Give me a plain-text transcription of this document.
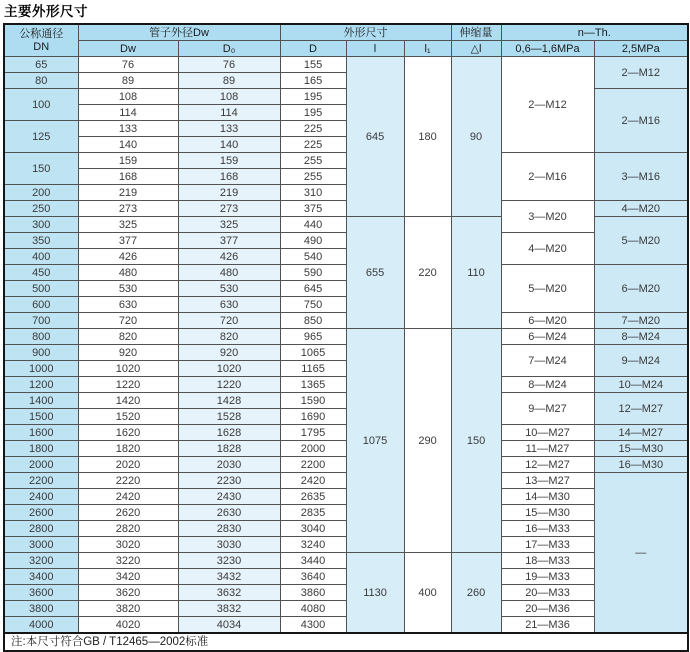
主要外形尺寸
公称通径
DN	管子外径Dw		外形尺寸			伸缩量	n—Th.	
	Dw	D₀	D	l	l₁	△l	0,6—1,6MPa	2,5MPa
65	76	76	155	645	180	90	2—M12	2—M12
80	89	89	165					
100	108	108	195					2—M16
	114	114	195					
125	133	133	225					
	140	140	225					
150	159	159	255				2—M16	3—M16
	168	168	255					
200	219	219	310					
250	273	273	375				3—M20	4—M20
300	325	325	440	655	220	110		5—M20
350	377	377	490				4—M20	
400	426	426	540					
450	480	480	590				5—M20	6—M20
500	530	530	645					
600	630	630	750					
700	720	720	850				6—M20	7—M20
800	820	820	965	1075	290	150	6—M24	8—M24
900	920	920	1065				7—M24	9—M24
1000	1020	1020	1165					
1200	1220	1220	1365				8—M24	10—M24
1400	1420	1428	1590				9—M27	12—M27
1500	1520	1528	1690					
1600	1620	1628	1795				10—M27	14—M27
1800	1820	1828	2000				11—M27	15—M30
2000	2020	2030	2200				12—M27	16—M30
2200	2220	2230	2420				13—M27	—
2400	2420	2430	2635				14—M30	
2600	2620	2630	2835				15—M30	
2800	2820	2830	3040				16—M33	
3000	3020	3030	3240				17—M33	
3200	3220	3230	3440	1130	400	260	18—M33	
3400	3420	3432	3640				19—M33	
3600	3620	3632	3860				20—M33	
3800	3820	3832	4080				20—M36	
4000	4020	4034	4300				21—M36	
注:本尺寸符合GB / T12465—2002标准								
